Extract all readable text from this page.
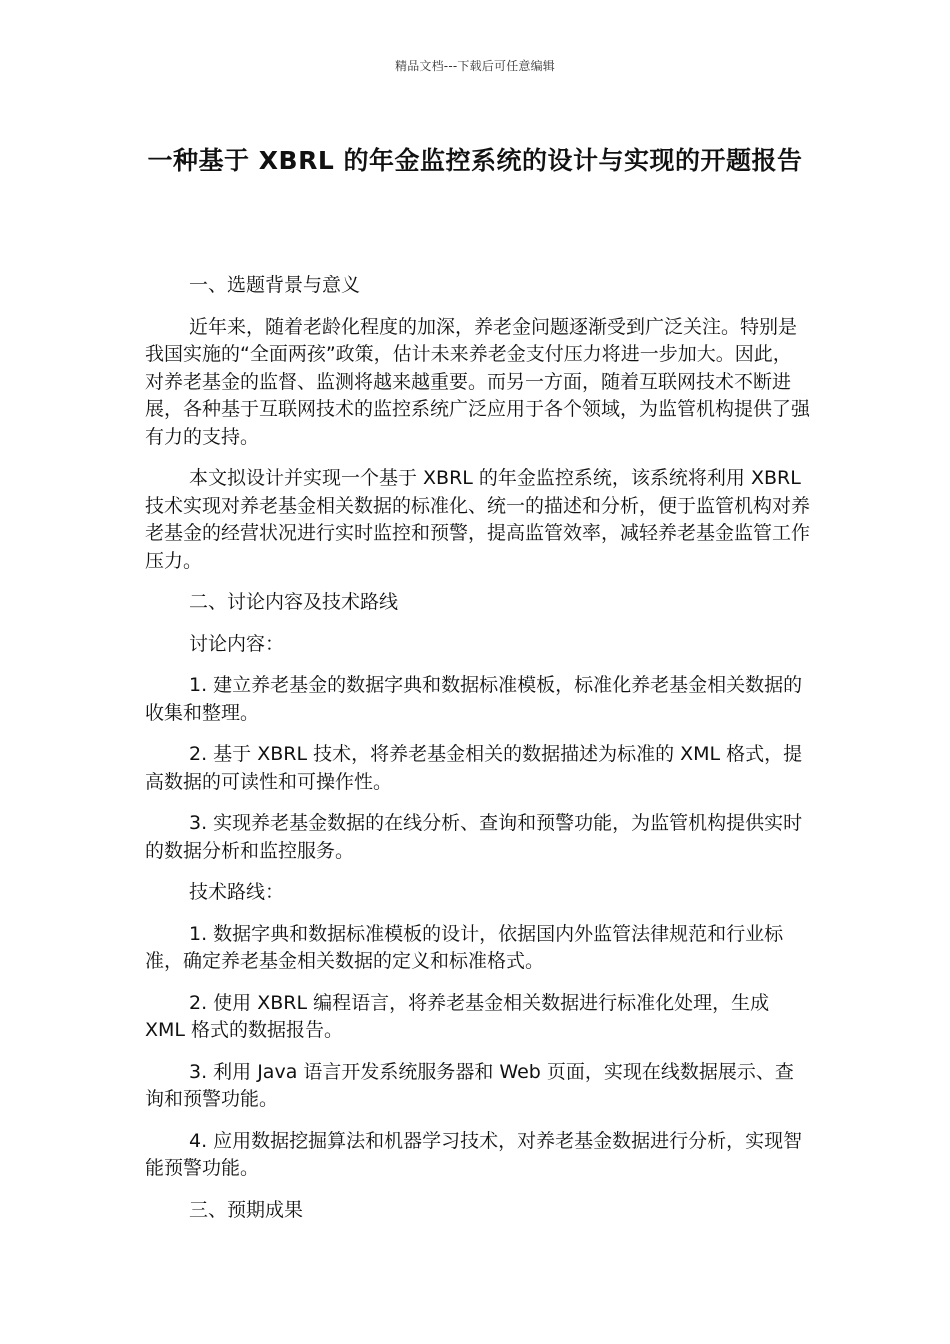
精品文档---下载后可任意编辑
一种基于 XBRL 的年金监控系统的设计与实现的开题报告

一、选题背景与意义

近年来，随着老龄化程度的加深，养老金问题逐渐受到广泛关注。特别是我国实施的“全面两孩”政策，估计未来养老金支付压力将进一步加大。因此，对养老基金的监督、监测将越来越重要。而另一方面，随着互联网技术不断进展，各种基于互联网技术的监控系统广泛应用于各个领域，为监管机构提供了强有力的支持。

本文拟设计并实现一个基于 XBRL 的年金监控系统，该系统将利用 XBRL 技术实现对养老基金相关数据的标准化、统一的描述和分析，便于监管机构对养老基金的经营状况进行实时监控和预警，提高监管效率，减轻养老基金监管工作压力。

二、讨论内容及技术路线

讨论内容：

1. 建立养老基金的数据字典和数据标准模板，标准化养老基金相关数据的收集和整理。

2. 基于 XBRL 技术，将养老基金相关的数据描述为标准的 XML 格式，提高数据的可读性和可操作性。

3. 实现养老基金数据的在线分析、查询和预警功能，为监管机构提供实时的数据分析和监控服务。

技术路线：

1. 数据字典和数据标准模板的设计，依据国内外监管法律规范和行业标准，确定养老基金相关数据的定义和标准格式。

2. 使用 XBRL 编程语言，将养老基金相关数据进行标准化处理，生成 XML 格式的数据报告。

3. 利用 Java 语言开发系统服务器和 Web 页面，实现在线数据展示、查询和预警功能。

4. 应用数据挖掘算法和机器学习技术，对养老基金数据进行分析，实现智能预警功能。

三、预期成果
